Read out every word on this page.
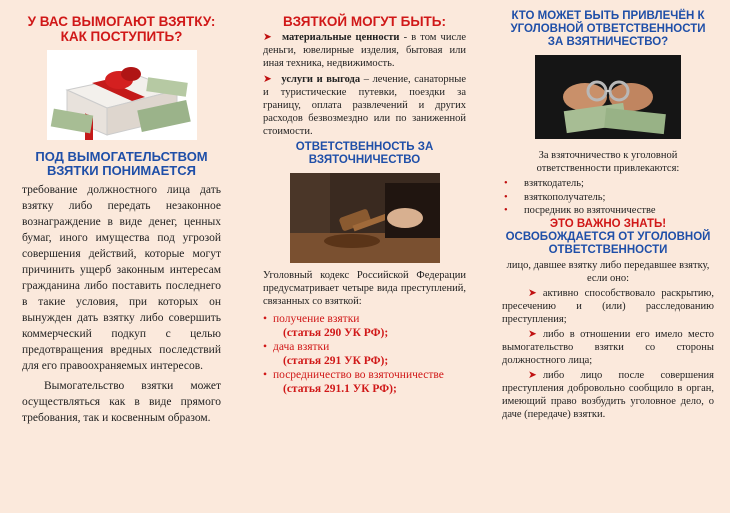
У ВАС ВЫМОГАЮТ ВЗЯТКУ: КАК ПОСТУПИТЬ?

ПОД ВЫМОГАТЕЛЬСТВОМ ВЗЯТКИ ПОНИМАЕТСЯ

требование должностного лица дать взятку либо передать незаконное вознаграждение в виде денег, ценных бумаг, иного имущества под угрозой совершения действий, которые могут причинить ущерб законным интересам гражданина либо поставить последнего в такие условия, при которых он вынужден дать взятку либо совершить коммерческий подкуп с целью предотвращения вредных последствий для его правоохраняемых интересов.

Вымогательство взятки может осуществляться как в виде прямого требования, так и косвенным образом.

ВЗЯТКОЙ МОГУТ БЫТЬ:

➤ материальные ценности - в том числе деньги, ювелирные изделия, бытовая или иная техника, недвижимость.

➤ услуги и выгода – лечение, санаторные и туристические путевки, поездки за границу, оплата развлечений и других расходов безвозмездно или по заниженной стоимости.

ОТВЕТСТВЕННОСТЬ ЗА ВЗЯТОЧНИЧЕСТВО

Уголовный кодекс Российской Федерации предусматривает четыре вида преступлений, связанных со взяткой:

• получение взятки
(статья 290 УК РФ);
• дача взятки
(статья 291 УК РФ);
• посредничество во взяточничестве
(статья 291.1 УК РФ);

КТО МОЖЕТ БЫТЬ ПРИВЛЕЧЁН К УГОЛОВНОЙ ОТВЕТСТВЕННОСТИ ЗА ВЗЯТНИЧЕСТВО?

За взяточничество к уголовной ответственности привлекаются:

• взяткодатель;
• взяткополучатель;
• посредник во взяточничестве

ЭТО ВАЖНО ЗНАТЬ!

ОСВОБОЖДАЕТСЯ ОТ УГОЛОВНОЙ ОТВЕТСТВЕННОСТИ

лицо, давшее взятку либо передавшее взятку, если оно:

➤ активно способствовало раскрытию, пресечению и (или) расследованию преступления;

➤ либо в отношении его имело место вымогательство взятки со стороны должностного лица;

➤ либо лицо после совершения преступления добровольно сообщило в орган, имеющий право возбудить уголовное дело, о даче (передаче) взятки.
